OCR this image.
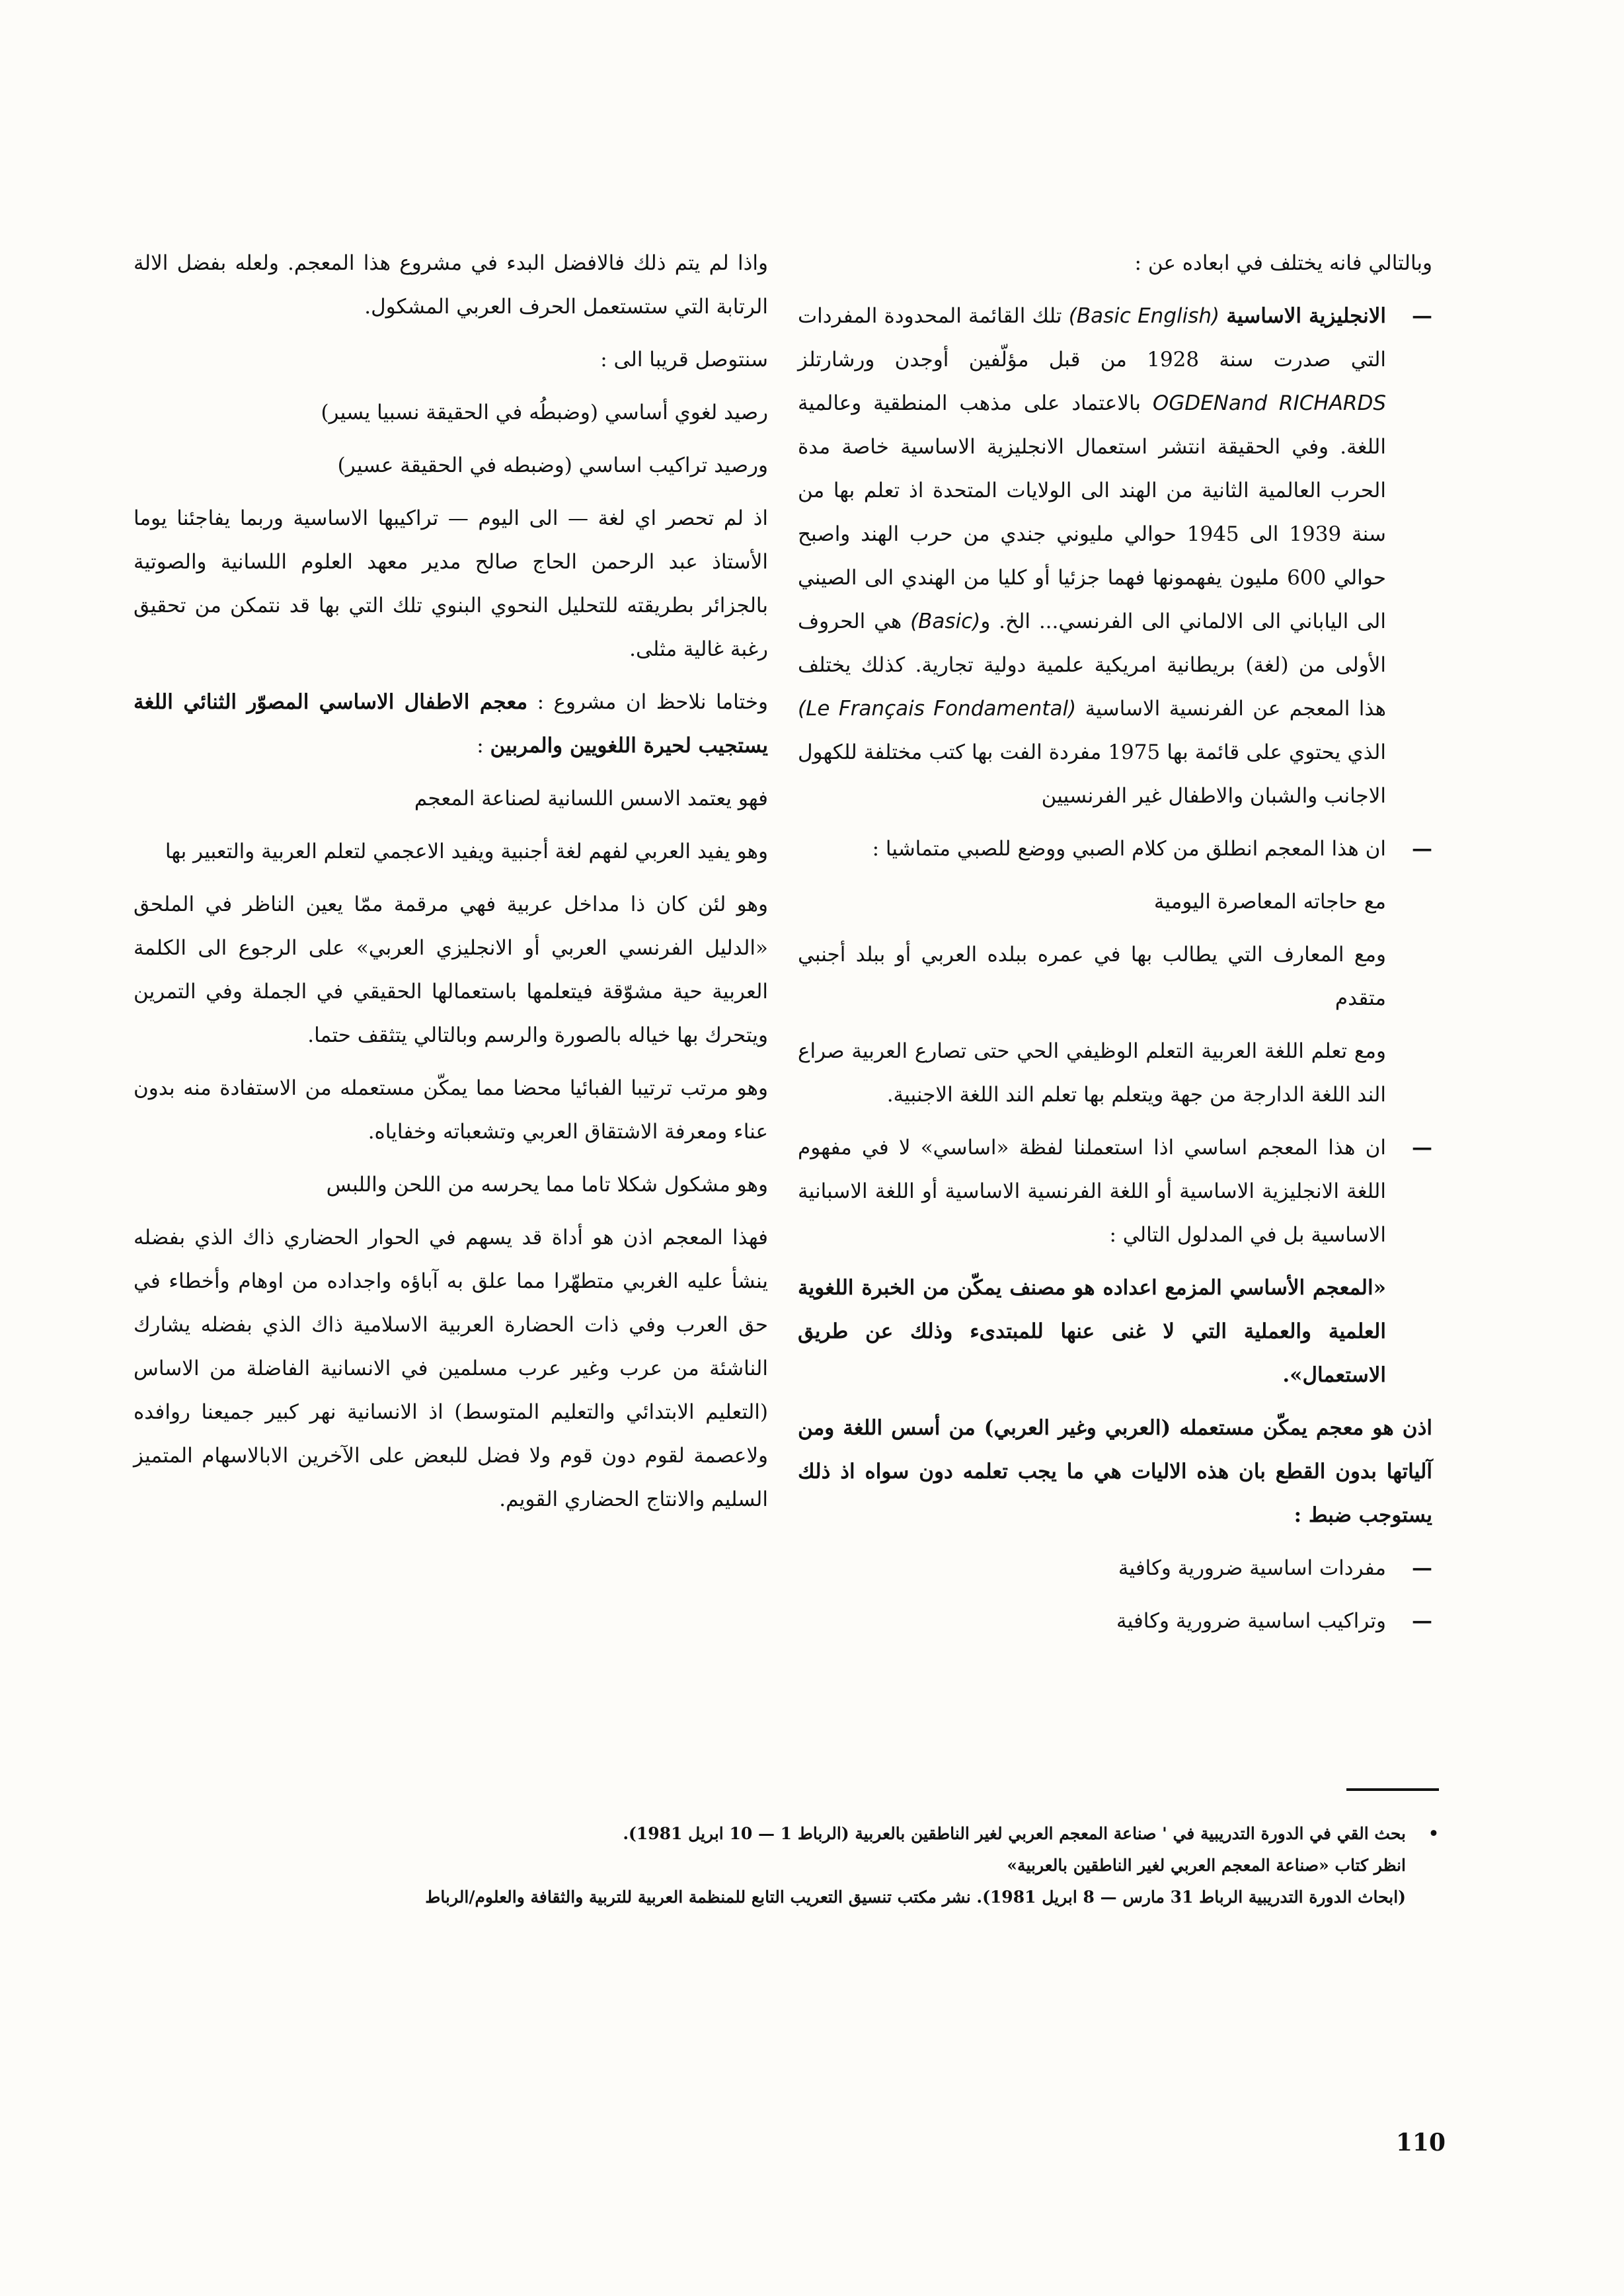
وبالتالي فانه يختلف في ابعاده عن :

— الانجليزية الاساسية (Basic English) تلك القائمة المحدودة المفردات التي صدرت سنة 1928 من قبل مؤلّفين أوجدن ورشارتلز OGDENand RICHARDS بالاعتماد على مذهب المنطقية وعالمية اللغة. وفي الحقيقة انتشر استعمال الانجليزية الاساسية خاصة مدة الحرب العالمية الثانية من الهند الى الولايات المتحدة اذ تعلم بها من سنة 1939 الى 1945 حوالي مليوني جندي من حرب الهند واصبح حوالي 600 مليون يفهمونها فهما جزئيا أو كليا من الهندي الى الصيني الى الياباني الى الالماني الى الفرنسي... الخ. و(Basic) هي الحروف الأولى من (لغة) بريطانية امريكية علمية دولية تجارية. كذلك يختلف هذا المعجم عن الفرنسية الاساسية (Le Français Fondamental) الذي يحتوي على قائمة بها 1975 مفردة الفت بها كتب مختلفة للكهول الاجانب والشبان والاطفال غير الفرنسيين

— ان هذا المعجم انطلق من كلام الصبي ووضع للصبي متماشيا :

مع حاجاته المعاصرة اليومية

ومع المعارف التي يطالب بها في عمره ببلده العربي أو ببلد أجنبي متقدم

ومع تعلم اللغة العربية التعلم الوظيفي الحي حتى تصارع العربية صراع الند اللغة الدارجة من جهة ويتعلم بها تعلم الند اللغة الاجنبية.

— ان هذا المعجم اساسي اذا استعملنا لفظة «اساسي» لا في مفهوم اللغة الانجليزية الاساسية أو اللغة الفرنسية الاساسية أو اللغة الاسبانية الاساسية بل في المدلول التالي :

«المعجم الأساسي المزمع اعداده هو مصنف يمكّن من الخبرة اللغوية العلمية والعملية التي لا غنى عنها للمبتدىء وذلك عن طريق الاستعمال».

اذن هو معجم يمكّن مستعمله (العربي وغير العربي) من أسس اللغة ومن آلياتها بدون القطع بان هذه الاليات هي ما يجب تعلمه دون سواه اذ ذلك يستوجب ضبط :

— مفردات اساسية ضرورية وكافية

— وتراكيب اساسية ضرورية وكافية

واذا لم يتم ذلك فالافضل البدء في مشروع هذا المعجم. ولعله بفضل الالة الرتابة التي ستستعمل الحرف العربي المشكول.

سنتوصل قريبا الى :

رصيد لغوي أساسي (وضبطُه في الحقيقة نسبيا يسير)

ورصيد تراكيب اساسي (وضبطه في الحقيقة عسير)

اذ لم تحصر اي لغة — الى اليوم — تراكيبها الاساسية وربما يفاجئنا يوما الأستاذ عبد الرحمن الحاج صالح مدير معهد العلوم اللسانية والصوتية بالجزائر بطريقته للتحليل النحوي البنوي تلك التي بها قد نتمكن من تحقيق رغبة غالية مثلى.

وختاما نلاحظ ان مشروع : معجم الاطفال الاساسي المصوّر الثنائي اللغة يستجيب لحيرة اللغويين والمربين :

فهو يعتمد الاسس اللسانية لصناعة المعجم

وهو يفيد العربي لفهم لغة أجنبية ويفيد الاعجمي لتعلم العربية والتعبير بها

وهو لئن كان ذا مداخل عربية فهي مرقمة ممّا يعين الناظر في الملحق «الدليل الفرنسي العربي أو الانجليزي العربي» على الرجوع الى الكلمة العربية حية مشوّقة فيتعلمها باستعمالها الحقيقي في الجملة وفي التمرين ويتحرك بها خياله بالصورة والرسم وبالتالي يتثقف حتما.

وهو مرتب ترتيبا الفبائيا محضا مما يمكّن مستعمله من الاستفادة منه بدون عناء ومعرفة الاشتقاق العربي وتشعباته وخفاياه.

وهو مشكول شكلا تاما مما يحرسه من اللحن واللبس

فهذا المعجم اذن هو أداة قد يسهم في الحوار الحضاري ذاك الذي بفضله ينشأ عليه الغربي متطهّرا مما علق به آباؤه واجداده من اوهام وأخطاء في حق العرب وفي ذات الحضارة العربية الاسلامية ذاك الذي بفضله يشارك الناشئة من عرب وغير عرب مسلمين في الانسانية الفاضلة من الاساس (التعليم الابتدائي والتعليم المتوسط) اذ الانسانية نهر كبير جميعنا روافده ولاعصمة لقوم دون قوم ولا فضل للبعض على الآخرين الابالاسهام المتميز السليم والانتاج الحضاري القويم.

•
بحث القي في الدورة التدريبية في ' صناعة المعجم العربي لغير الناطقين بالعربية (الرباط 1 — 10 ابريل 1981).

انظر كتاب «صناعة المعجم العربي لغير الناطقين بالعربية»

(ابحاث الدورة التدريبية الرباط 31 مارس — 8 ابريل 1981). نشر مكتب تنسيق التعريب التابع للمنظمة العربية للتربية والثقافة والعلوم/الرباط

110
